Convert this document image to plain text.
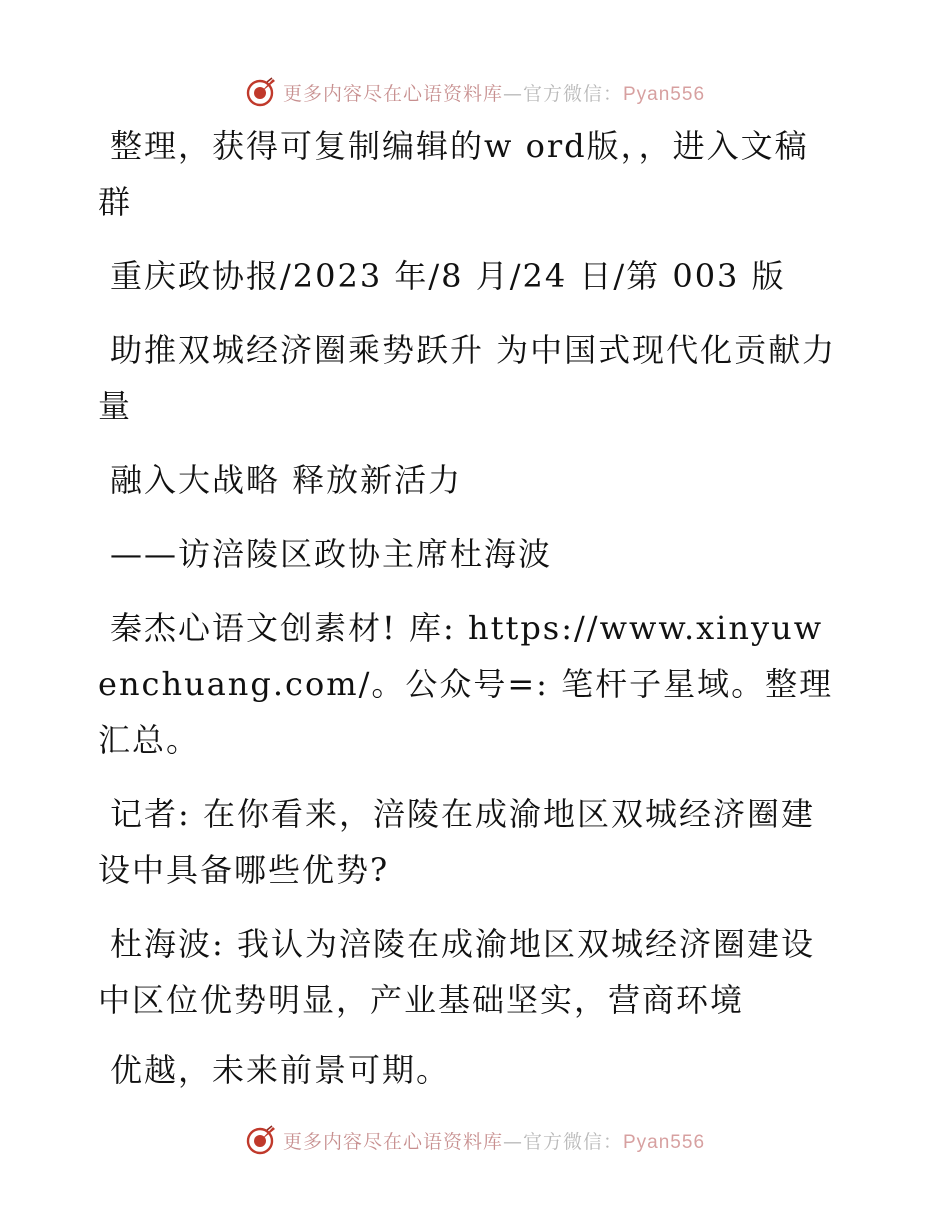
更多内容尽在心语资料库—官方微信：Pyan556

整理，获得可复制编辑的w ord版，，进入文稿群

重庆政协报/2023 年/8 月/24 日/第 003 版

助推双城经济圈乘势跃升 为中国式现代化贡献力量

融入大战略 释放新活力

——访涪陵区政协主席杜海波

秦杰心语文创素材! 库: https://www.xinyuwenchuang.com/。公众号=: 笔杆子星域。整理汇总。

记者: 在你看来，涪陵在成渝地区双城经济圈建设中具备哪些优势?

杜海波: 我认为涪陵在成渝地区双城经济圈建设中区位优势明显，产业基础坚实，营商环境

优越，未来前景可期。

更多内容尽在心语资料库—官方微信：Pyan556
